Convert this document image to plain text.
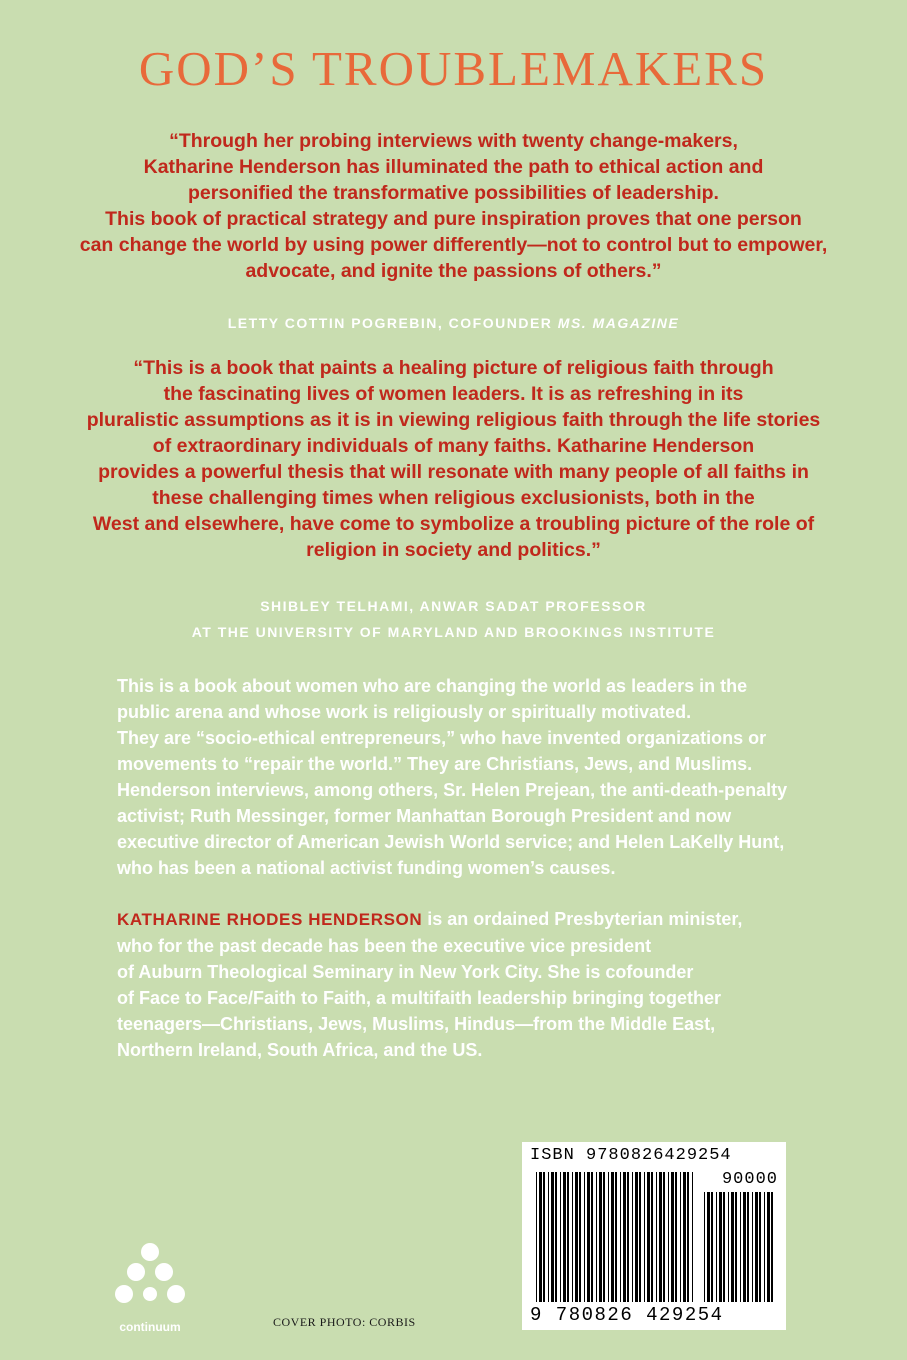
GOD’S TROUBLEMAKERS
“Through her probing interviews with twenty change-makers,
Katharine Henderson has illuminated the path to ethical action and
personified the transformative possibilities of leadership.
This book of practical strategy and pure inspiration proves that one person
can change the world by using power differently—not to control but to empower,
advocate, and ignite the passions of others.”
LETTY COTTIN POGREBIN, COFOUNDER MS. MAGAZINE
“This is a book that paints a healing picture of religious faith through
the fascinating lives of women leaders. It is as refreshing in its
pluralistic assumptions as it is in viewing religious faith through the life stories
of extraordinary individuals of many faiths. Katharine Henderson
provides a powerful thesis that will resonate with many people of all faiths in
these challenging times when religious exclusionists, both in the
West and elsewhere, have come to symbolize a troubling picture of the role of
religion in society and politics.”
SHIBLEY TELHAMI, ANWAR SADAT PROFESSOR
AT THE UNIVERSITY OF MARYLAND AND BROOKINGS INSTITUTE
This is a book about women who are changing the world as leaders in the
public arena and whose work is religiously or spiritually motivated.
They are “socio-ethical entrepreneurs,” who have invented organizations or
movements to “repair the world.” They are Christians, Jews, and Muslims.
Henderson interviews, among others, Sr. Helen Prejean, the anti-death-penalty
activist; Ruth Messinger, former Manhattan Borough President and now
executive director of American Jewish World service; and Helen LaKelly Hunt,
who has been a national activist funding women’s causes.
KATHARINE RHODES HENDERSON is an ordained Presbyterian minister,
who for the past decade has been the executive vice president
of Auburn Theological Seminary in New York City. She is cofounder
of Face to Face/Faith to Faith, a multifaith leadership bringing together
teenagers—Christians, Jews, Muslims, Hindus—from the Middle East,
Northern Ireland, South Africa, and the US.
continuum	COVER PHOTO: CORBIS
ISBN 9780826429254
90000
9 780826 429254
